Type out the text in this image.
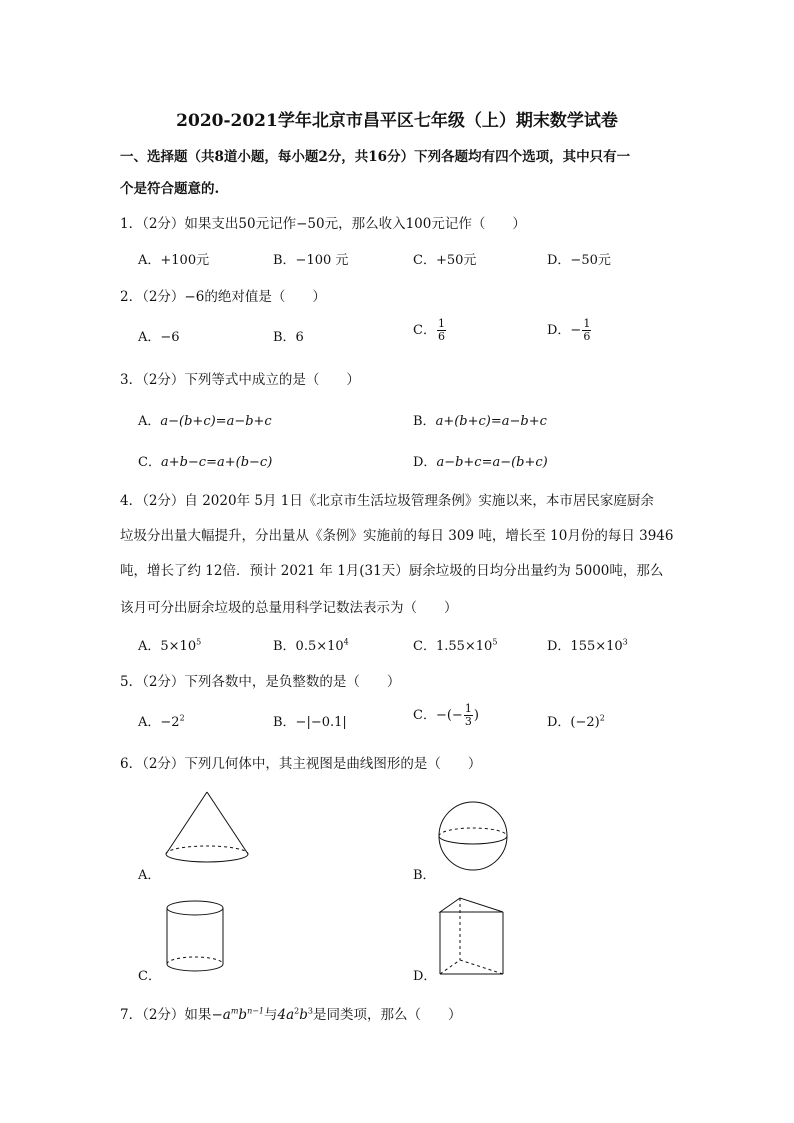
2020-2021学年北京市昌平区七年级（上）期末数学试卷
一、选择题（共8道小题，每小题2分，共16分）下列各题均有四个选项，其中只有一
个是符合题意的.
1．（2分）如果支出50元记作−50元，那么收入100元记作（　　）
A．+100元	B．−100 元	C．+50元	D．−50元
2．（2分）−6的绝对值是（　　）
A．−6	B．6	C． $\frac{1}{6}$	D．− $\frac{1}{6}$
3．（2分）下列等式中成立的是（　　）
A．a−(b+c)=a−b+c	B．a+(b+c)=a−b+c
C．a+b−c=a+(b−c)	D．a−b+c=a−(b+c)
4．（2分）自 2020年 5月 1日《北京市生活垃圾管理条例》实施以来，本市居民家庭厨余
垃圾分出量大幅提升，分出量从《条例》实施前的每日 309 吨，增长至 10月份的每日 3946
吨，增长了约 12倍．预计 2021 年 1月(31天）厨余垃圾的日均分出量约为 5000吨，那么
该月可分出厨余垃圾的总量用科学记数法表示为（　　）
A．$5\times 10^5$	B．$0.5\times 10^4$	C．$1.55\times 10^5$	D．$155\times 10^3$
5．（2分）下列各数中，是负整数的是（　　）
A．$-2^2$	B．−|−0.1|	C．−(− $\frac{1}{3}$ )	D．$(-2)^2$
6．（2分）下列几何体中，其主视图是曲线图形的是（　　）
A．	B．
C．	D．
7．（2分）如果$-a^mb^{n-1}$与$4a^2b^3$是同类项，那么（　　）
